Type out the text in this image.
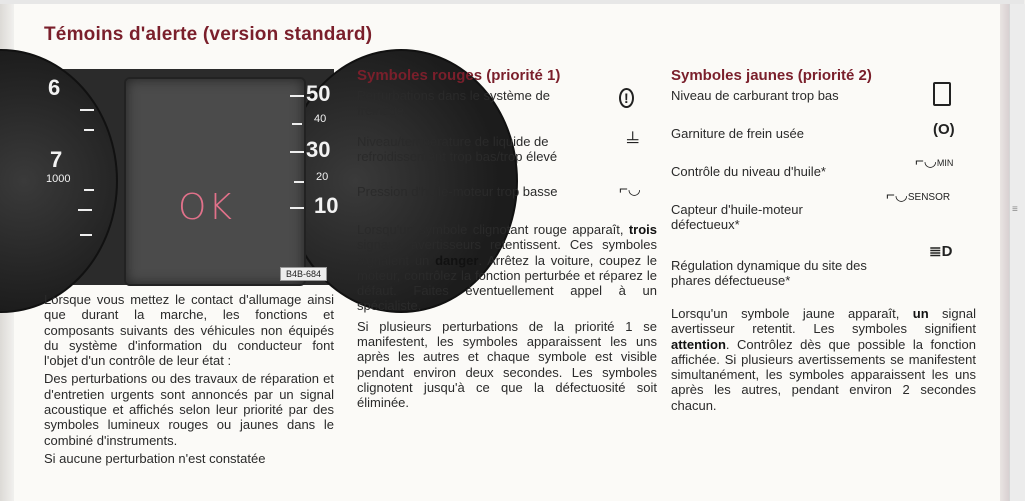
Témoins d'alerte (version standard)
6
7
1000
OK
50
40
30
20
10
B4B-684

Lorsque vous mettez le contact d'allumage ainsi que durant la marche, les fonctions et composants suivants des véhicules non équipés du système d'information du conducteur font l'objet d'un contrôle de leur état :

Des perturbations ou des travaux de réparation et d'entretien urgents sont annoncés par un signal acoustique et affichés selon leur priorité par des symboles lumineux rouges ou jaunes dans le combiné d'instruments.

Si aucune perturbation n'est constatée

Symboles rouges (priorité 1)
Perturbations dans le système de freinage
!
Niveau/température de liquide de refroidissement trop bas/trop élevé
╧
Pression d'huile-moteur trop basse	⌐◡

Lorsqu'un symbole clignotant rouge apparaît, trois signaux avertisseurs retentissent. Ces symboles signalent un danger. Arrêtez la voiture, coupez le moteur, contrôlez la fonction perturbée et réparez le défaut. Faites éventuellement appel à un spécialiste.

Si plusieurs perturbations de la priorité 1 se manifestent, les symboles apparaissent les uns après les autres et chaque symbole est visible pendant environ deux secondes. Les symboles clignotent jusqu'à ce que la défectuosité soit éliminée.

Symboles jaunes (priorité 2)
Niveau de carburant trop bas
Garniture de frein usée	(O)
Contrôle du niveau d'huile*
⌐◡MIN
Capteur d'huile-moteur défectueux*
⌐◡SENSOR
Régulation dynamique du site des phares défectueuse*
≣D

Lorsqu'un symbole jaune apparaît, un signal avertisseur retentit. Les symboles signifient attention. Contrôlez dès que possible la fonction affichée. Si plusieurs avertissements se manifestent simultanément, les symboles apparaissent les uns après les autres, pendant environ 2 secondes chacun.

≡
